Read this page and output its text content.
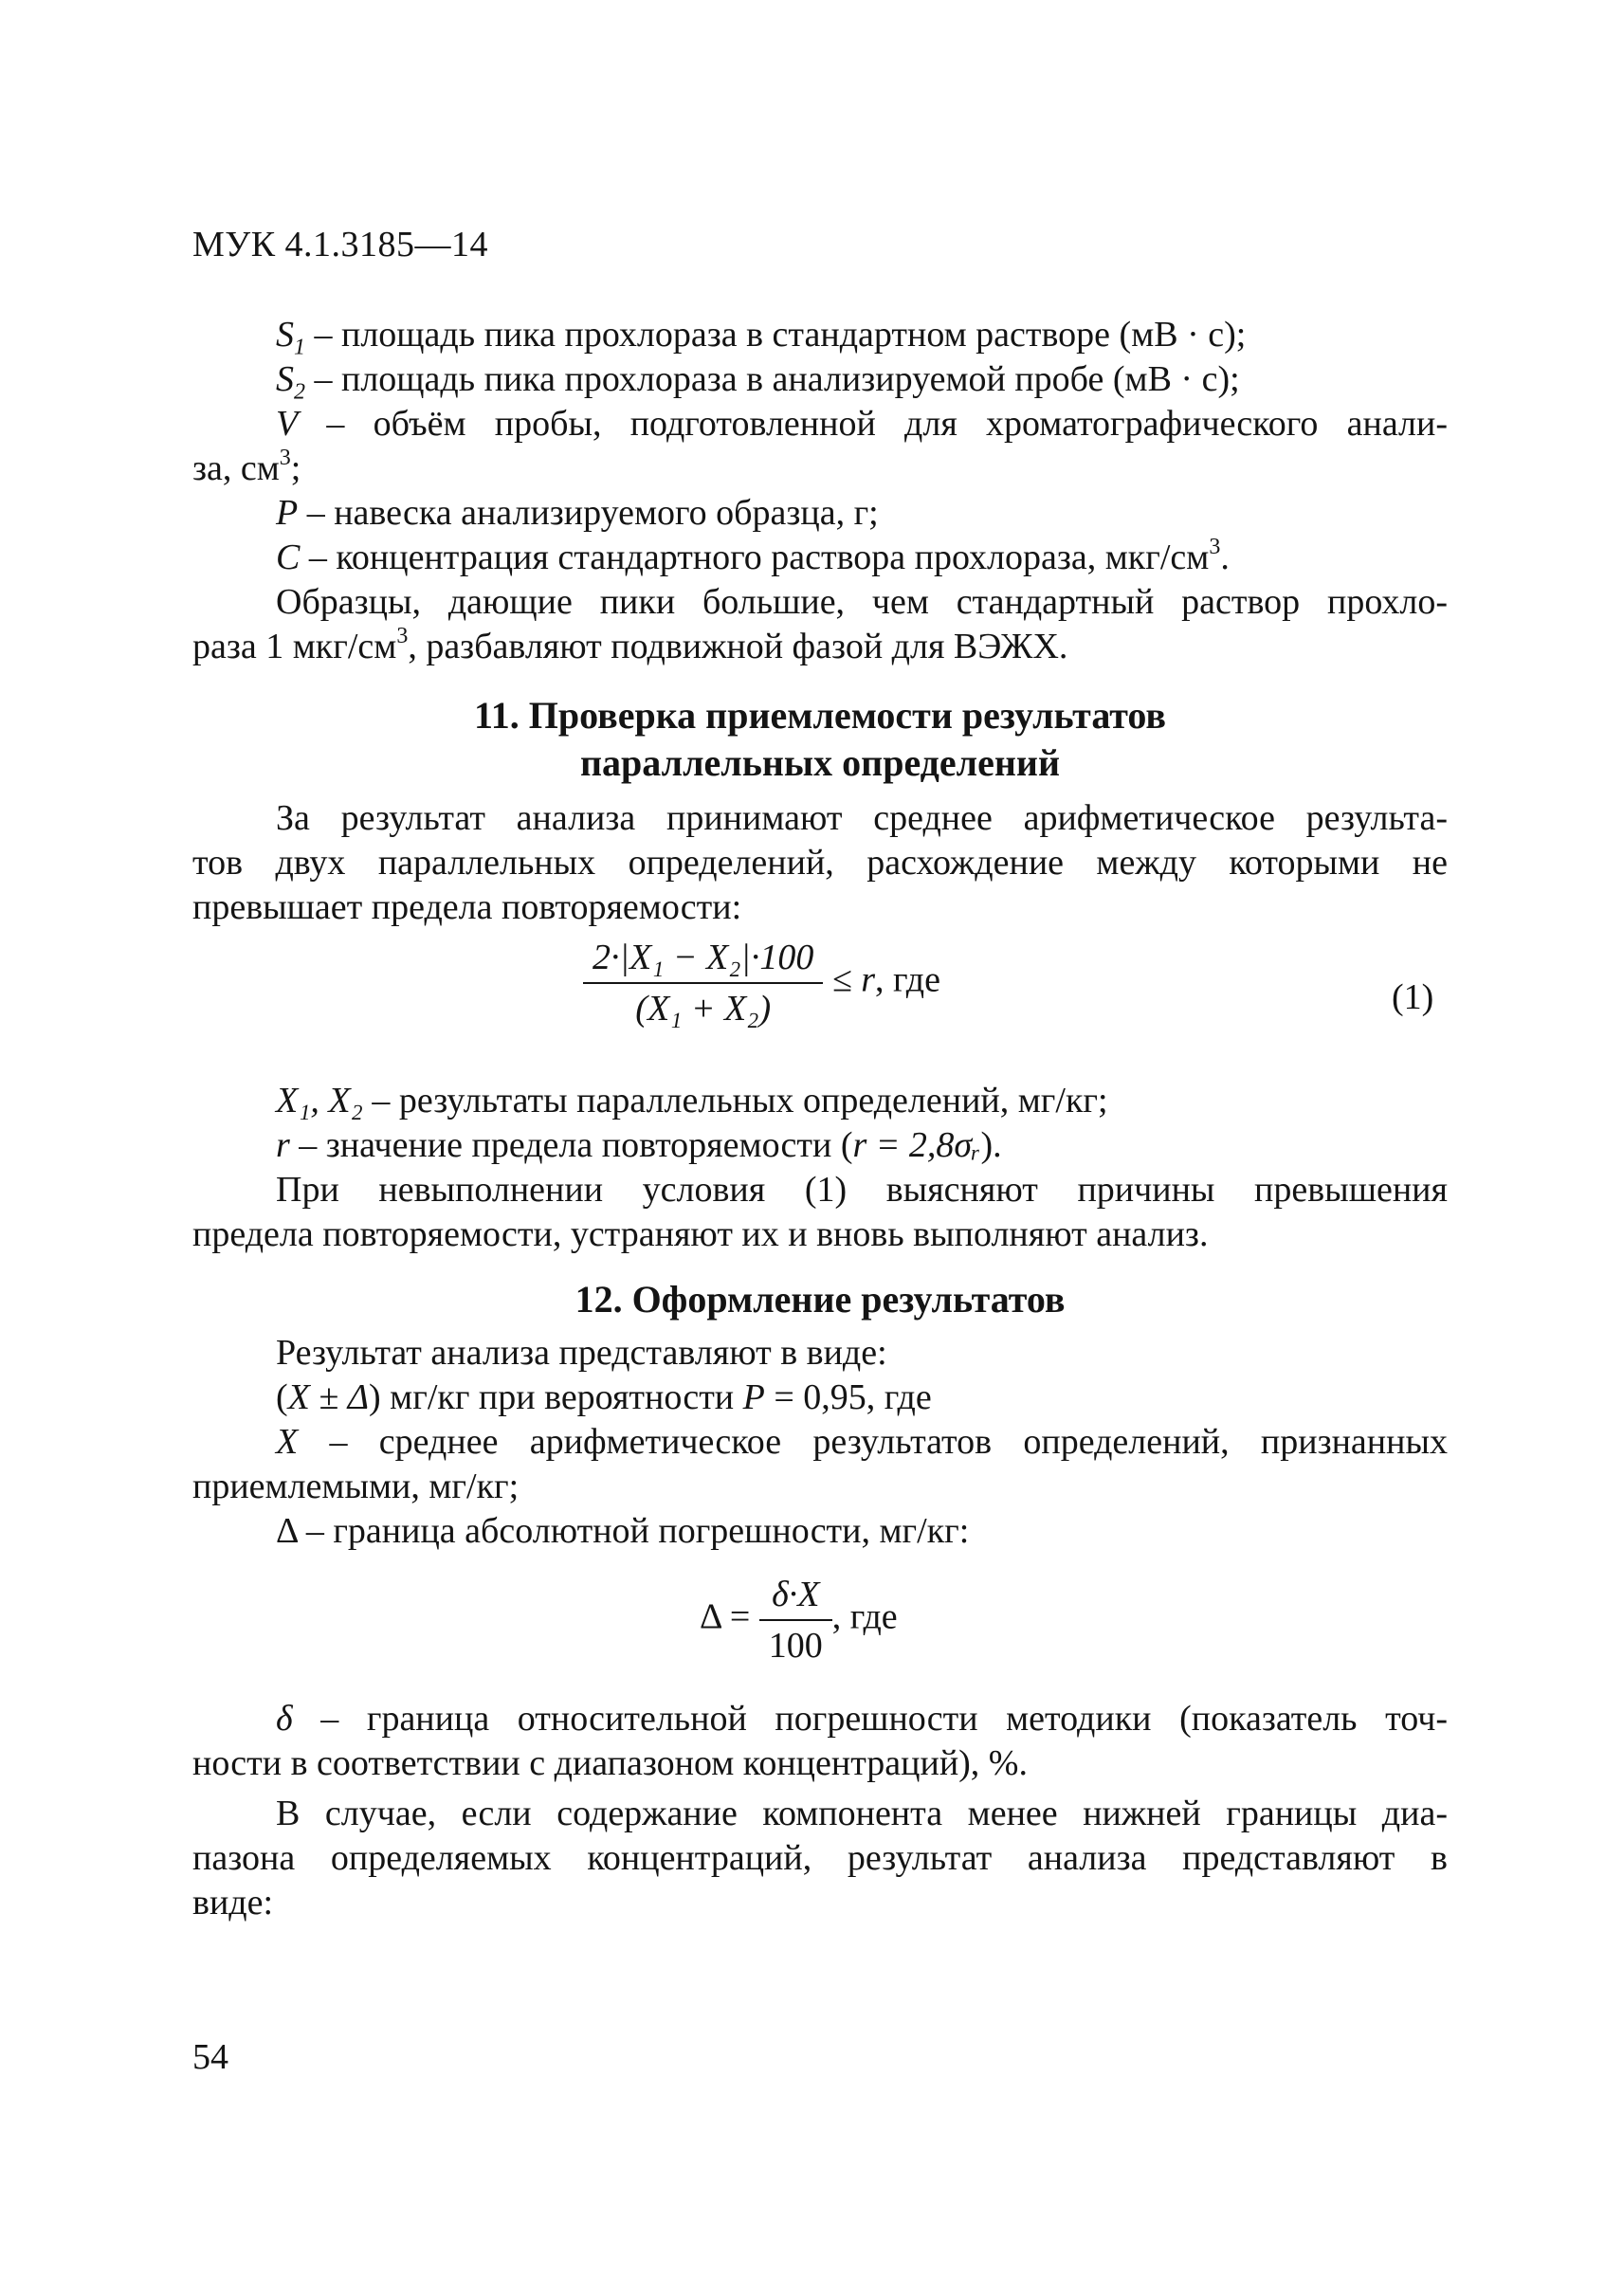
МУК 4.1.3185—14

$S_1$ – площадь пика прохлораза в стандартном растворе (мВ · с);

$S_2$ – площадь пика прохлораза в анализируемой пробе (мВ · с);

V – объём пробы, подготовленной для хроматографического анали-

за, $см^3$;

P – навеска анализируемого образца, г;

C – концентрация стандартного раствора прохлораза, мкг/$см^3$.

Образцы, дающие пики большие, чем стандартный раствор прохло-

раза 1 мкг/$см^3$, разбавляют подвижной фазой для ВЭЖХ.

11. Проверка приемлемости результатов
параллельных определений

За результат анализа принимают среднее арифметическое результа-

тов двух параллельных определений, расхождение между которыми не

превышает предела повторяемости:

$\frac{\text{2·|X₁ − X₂|·100}}{\text{(X₁ + X₂)}} \le r$, где	(1)

X₁, X₂ – результаты параллельных определений, мг/кг;

r – значение предела повторяемости (r = 2,8σᵣ).

При невыполнении условия (1) выясняют причины превышения

предела повторяемости, устраняют их и вновь выполняют анализ.

12. Оформление результатов

Результат анализа представляют в виде:

(X ± Δ) мг/кг при вероятности P = 0,95, где

X – среднее арифметическое результатов определений, признанных

приемлемыми, мг/кг;

Δ – граница абсолютной погрешности, мг/кг:

$\Delta = \frac{\delta\cdot X}{100}$ , где

δ – граница относительной погрешности методики (показатель точ-

ности в соответствии с диапазоном концентраций), %.

В случае, если содержание компонента менее нижней границы диа-

пазона определяемых концентраций, результат анализа представляют в

виде:

54
